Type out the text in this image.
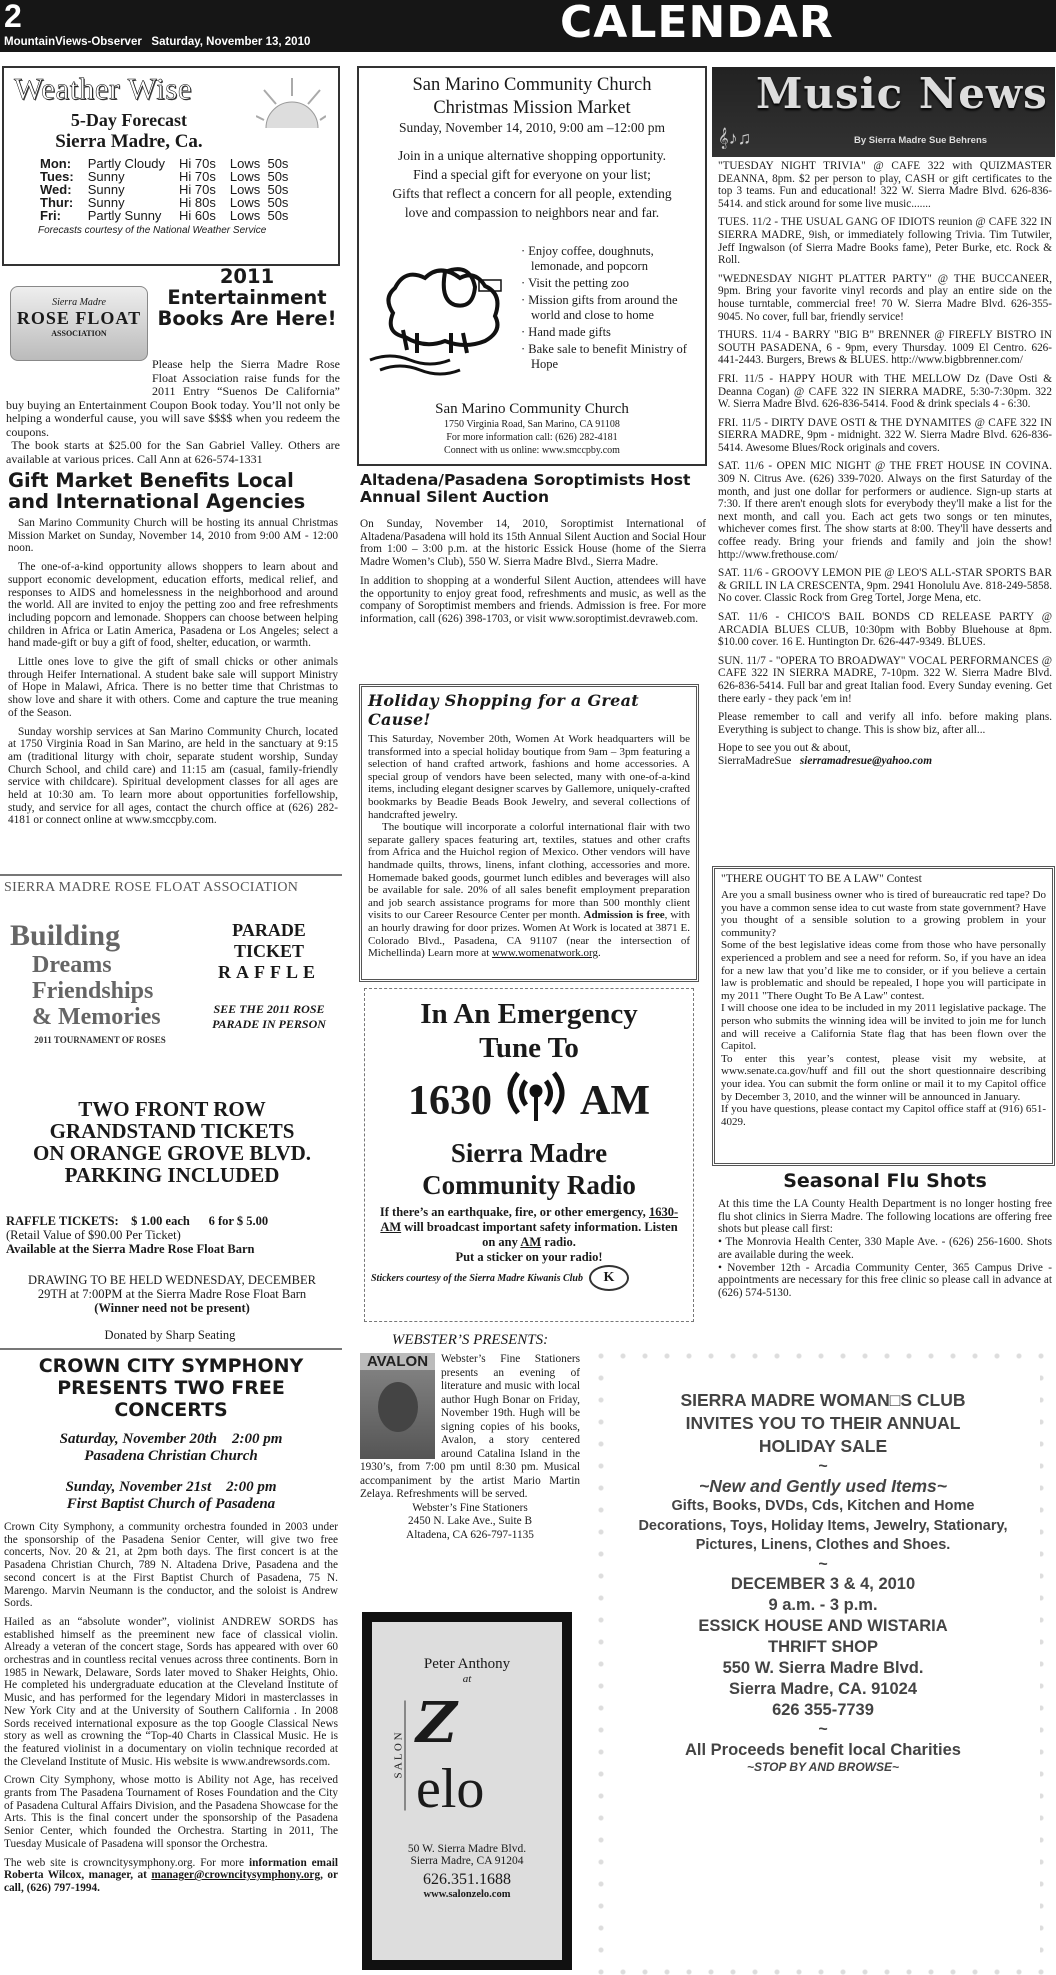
2
MountainViews-Observer Saturday, November 13, 2010	CALENDAR
Weather Wise
5-Day Forecast
Sierra Madre, Ca.
Mon:	Partly Cloudy	Hi 70s	Lows  50s
Tues:	Sunny	Hi 70s	Lows  50s
Wed:	Sunny	Hi 70s	Lows  50s
Thur:	Sunny	Hi 80s	Lows  50s
Fri:	Partly Sunny	Hi 60s	Lows  50s
Forecasts courtesy of the National Weather Service
Sierra Madre
ROSE FLOAT
ASSOCIATION
2011 Entertainment Books Are Here!

Please help the Sierra Madre Rose Float Association raise funds for the 2011 Entry “Suenos De California” buy buying an Entertainment Coupon Book today. You’ll not only be helping a wonderful cause, you will save $$$$ when you redeem the coupons.
The book starts at $25.00 for the San Gabriel Valley. Others are available at various prices. Call Ann at 626-574-1331

Gift Market Benefits Local and International Agencies

San Marino Community Church will be hosting its annual Christmas Mission Market on Sunday, November 14, 2010 from 9:00 AM - 12:00 noon.

The one-of-a-kind opportunity allows shoppers to learn about and support economic development, education efforts, medical relief, and responses to AIDS and homelessness in the neighborhood and around the world. All are invited to enjoy the petting zoo and free refreshments including popcorn and lemonade. Shoppers can choose between helping children in Africa or Latin America, Pasadena or Los Angeles; select a hand made-gift or buy a gift of food, shelter, education, or warmth.

Little ones love to give the gift of small chicks or other animals through Heifer International. A student bake sale will support Ministry of Hope in Malawi, Africa. There is no better time that Christmas to show love and share it with others. Come and capture the true meaning of the Season.

Sunday worship services at San Marino Community Church, located at 1750 Virginia Road in San Marino, are held in the sanctuary at 9:15 am (traditional liturgy with choir, separate student worship, Sunday Church School, and child care) and 11:15 am (casual, family-friendly service with childcare). Spiritual development classes for all ages are held at 10:30 am. To learn more about opportunities forfellowship, study, and service for all ages, contact the church office at (626) 282-4181 or connect online at www.smccpby.com.

SIERRA MADRE ROSE FLOAT ASSOCIATION
Building
Dreams
Friendships
& Memories
2011 TOURNAMENT OF ROSES
PARADE
TICKET
RAFFLE
SEE THE 2011 ROSE PARADE IN PERSON
TWO FRONT ROW
GRANDSTAND TICKETS
ON ORANGE GROVE BLVD.
PARKING INCLUDED
RAFFLE TICKETS: $ 1.00 each 6 for $ 5.00
(Retail Value of $90.00 Per Ticket)
Available at the Sierra Madre Rose Float Barn
DRAWING TO BE HELD WEDNESDAY, DECEMBER 29TH at 7:00PM at the Sierra Madre Rose Float Barn
(Winner need not be present)
Donated by Sharp Seating
CROWN CITY SYMPHONY PRESENTS TWO FREE CONCERTS
Saturday, November 20th    2:00 pm
Pasadena Christian Church
Sunday, November 21st    2:00 pm
First Baptist Church of Pasadena

Crown City Symphony, a community orchestra founded in 2003 under the sponsorship of the Pasadena Senior Center, will give two free concerts, Nov. 20 & 21, at 2pm both days. The first concert is at the Pasadena Christian Church, 789 N. Altadena Drive, Pasadena and the second concert is at the First Baptist Church of Pasadena, 75 N. Marengo. Marvin Neumann is the conductor, and the soloist is Andrew Sords.

Hailed as an “absolute wonder”, violinist ANDREW SORDS has established himself as the preeminent new face of classical violin. Already a veteran of the concert stage, Sords has appeared with over 60 orchestras and in countless recital venues across three continents. Born in 1985 in Newark, Delaware, Sords later moved to Shaker Heights, Ohio. He completed his undergraduate education at the Cleveland Institute of Music, and has performed for the legendary Midori in masterclasses in New York City and at the University of Southern California . In 2008 Sords received international exposure as the top Google Classical News story as well as crowning the “Top-40 Charts in Classical Music. He is the featured violinist in a documentary on violin technique recorded at the Cleveland Institute of Music. His website is www.andrewsords.com.

Crown City Symphony, whose motto is Ability not Age, has received grants from The Pasadena Tournament of Roses Foundation and the City of Pasadena Cultural Affairs Division, and the Pasadena Showcase for the Arts. This is the final concert under the sponsorship of the Pasadena Senior Center, which founded the Orchestra. Starting in 2011, The Tuesday Musicale of Pasadena will sponsor the Orchestra.

The web site is crowncitysymphony.org. For more information email Roberta Wilcox, manager, at manager@crowncitysymphony.org, or call, (626) 797-1994.

San Marino Community Church
Christmas Mission Market
Sunday, November 14, 2010, 9:00 am –12:00 pm
Join in a unique alternative shopping opportunity.
Find a special gift for everyone on your list;
Gifts that reflect a concern for all people, extending
love and compassion to neighbors near and far.
· Enjoy coffee, doughnuts, lemonade, and popcorn
· Visit the petting zoo
· Mission gifts from around the world and close to home
· Hand made gifts
· Bake sale to benefit Ministry of Hope
San Marino Community Church
1750 Virginia Road, San Marino, CA 91108
For more information call: (626) 282-4181
Connect with us online: www.smccpby.com
Altadena/Pasadena Soroptimists Host Annual Silent Auction

On Sunday, November 14, 2010, Soroptimist International of Altadena/Pasadena will hold its 15th Annual Silent Auction and Social Hour from 1:00 – 3:00 p.m. at the historic Essick House (home of the Sierra Madre Women’s Club), 550 W. Sierra Madre Blvd., Sierra Madre.

In addition to shopping at a wonderful Silent Auction, attendees will have the opportunity to enjoy great food, refreshments and music, as well as the company of Soroptimist members and friends. Admission is free. For more information, call (626) 398-1703, or visit www.soroptimist.devraweb.com.

Holiday Shopping for a Great Cause!

This Saturday, November 20th, Women At Work headquarters will be transformed into a special holiday boutique from 9am – 3pm featuring a selection of hand crafted artwork, fashions and home accessories. A special group of vendors have been selected, many with one-of-a-kind items, including elegant designer scarves by Gallemore, uniquely-crafted bookmarks by Beadie Beads Book Jewelry, and several collections of handcrafted jewelry.

The boutique will incorporate a colorful international flair with two separate gallery spaces featuring art, textiles, statues and other crafts from Africa and the Huichol region of Mexico. Other vendors will have handmade quilts, throws, linens, infant clothing, accessories and more. Homemade baked goods, gourmet lunch edibles and beverages will also be available for sale. 20% of all sales benefit employment preparation and job search assistance programs for more than 500 monthly client visits to our Career Resource Center per month. Admission is free, with an hourly drawing for door prizes. Women At Work is located at 3871 E. Colorado Blvd., Pasadena, CA 91107 (near the intersection of Michellinda) Learn more at www.womenatwork.org.

In An Emergency
Tune To
1630 AM
Sierra Madre
Community Radio
If there’s an earthquake, fire, or other emergency, 1630-AM will broadcast important safety information. Listen on any AM radio.
Put a sticker on your radio!
Stickers courtesy of the Sierra Madre Kiwanis Club	K
WEBSTER’S PRESENTS:
AVALON	Webster’s Fine Stationers presents an evening of literature and music with local author Hugh Bonar on Friday, November 19th. Hugh will be signing copies of his books, Avalon, a story centered around Catalina Island in the 1930’s, from 7:00 pm until 8:30 pm. Musical accompaniment by the artist Mario Martin Zelaya. Refreshments will be served.

Webster’s Fine Stationers
2450 N. Lake Ave., Suite B
Altadena, CA 626-797-1135
Peter Anthony
at
S A L O N Z
elo
50 W. Sierra Madre Blvd.
Sierra Madre, CA 91204
626.351.1688
www.salonzelo.com
𝄞♪♫
Music News
By Sierra Madre Sue Behrens

"TUESDAY NIGHT TRIVIA" @ CAFE 322 with QUIZMASTER DEANNA, 8pm. $2 per person to play, CASH or gift certificates to the top 3 teams. Fun and educational! 322 W. Sierra Madre Blvd. 626-836-5414. and stick around for some live music.......

TUES. 11/2 - THE USUAL GANG OF IDIOTS reunion @ CAFE 322 IN SIERRA MADRE, 9ish, or immediately following Trivia. Tim Tutwiler, Jeff Ingwalson (of Sierra Madre Books fame), Peter Burke, etc. Rock & Roll.

"WEDNESDAY NIGHT PLATTER PARTY" @ THE BUCCANEER, 9pm. Bring your favorite vinyl records and play an entire side on the house turntable, commercial free! 70 W. Sierra Madre Blvd. 626-355-9045. No cover, full bar, friendly service!

THURS. 11/4 - BARRY "BIG B" BRENNER @ FIREFLY BISTRO IN SOUTH PASADENA, 6 - 9pm, every Thursday. 1009 El Centro. 626-441-2443. Burgers, Brews & BLUES. http://www.bigbbrenner.com/

FRI. 11/5 - HAPPY HOUR with THE MELLOW Dz (Dave Osti & Deanna Cogan) @ CAFE 322 IN SIERRA MADRE, 5:30-7:30pm. 322 W. Sierra Madre Blvd. 626-836-5414. Food & drink specials 4 - 6:30.

FRI. 11/5 - DIRTY DAVE OSTI & THE DYNAMITES @ CAFE 322 IN SIERRA MADRE, 9pm - midnight. 322 W. Sierra Madre Blvd. 626-836-5414. Awesome Blues/Rock originals and covers.

SAT. 11/6 - OPEN MIC NIGHT @ THE FRET HOUSE IN COVINA. 309 N. Citrus Ave. (626) 339-7020. Always on the first Saturday of the month, and just one dollar for performers or audience. Sign-up starts at 7:30. If there aren't enough slots for everybody they'll make a list for the next month, and call you. Each act gets two songs or ten minutes, whichever comes first. The show starts at 8:00. They'll have desserts and coffee ready. Bring your friends and family and join the show! http://www.frethouse.com/

SAT. 11/6 - GROOVY LEMON PIE @ LEO'S ALL-STAR SPORTS BAR & GRILL IN LA CRESCENTA, 9pm. 2941 Honolulu Ave. 818-249-5858. No cover. Classic Rock from Greg Tortel, Jorge Mena, etc.

SAT. 11/6 - CHICO'S BAIL BONDS CD RELEASE PARTY @ ARCADIA BLUES CLUB, 10:30pm with Bobby Bluehouse at 8pm. $10.00 cover. 16 E. Huntington Dr. 626-447-9349. BLUES.

SUN. 11/7 - "OPERA TO BROADWAY" VOCAL PERFORMANCES @ CAFE 322 IN SIERRA MADRE, 7-10pm. 322 W. Sierra Madre Blvd. 626-836-5414. Full bar and great Italian food. Every Sunday evening. Get there early - they pack 'em in!

Please remember to call and verify all info. before making plans. Everything is subject to change. This is show biz, after all...

Hope to see you out & about,
SierraMadreSue sierramadresue@yahoo.com

"THERE OUGHT TO BE A LAW" Contest

Are you a small business owner who is tired of bureaucratic red tape? Do you have a common sense idea to cut waste from state government? Have you thought of a sensible solution to a growing problem in your community?

Some of the best legislative ideas come from those who have personally experienced a problem and see a need for reform. So, if you have an idea for a new law that you’d like me to consider, or if you believe a certain law is problematic and should be repealed, I hope you will participate in my 2011 "There Ought To Be A Law" contest.

I will choose one idea to be included in my 2011 legislative package. The person who submits the winning idea will be invited to join me for lunch and will receive a California State flag that has been flown over the Capitol.

To enter this year’s contest, please visit my website, at www.senate.ca.gov/huff and fill out the short questionnaire describing your idea. You can submit the form online or mail it to my Capitol office by December 3, 2010, and the winner will be announced in January.

If you have questions, please contact my Capitol office staff at (916) 651-4029.

Seasonal Flu Shots

At this time the LA County Health Department is no longer hosting free flu shot clinics in Sierra Madre. The following locations are offering free shots but please call first:

• The Monrovia Health Center, 330 Maple Ave. - (626) 256-1600. Shots are available during the week.

• November 12th - Arcadia Community Center, 365 Campus Drive - appointments are necessary for this free clinic so please call in advance at (626) 574-5130.

SIERRA MADRE WOMAN□S CLUB
INVITES YOU TO THEIR ANNUAL
HOLIDAY SALE
~
~New and Gently used Items~
Gifts, Books, DVDs, Cds, Kitchen and Home Decorations, Toys, Holiday Items, Jewelry, Stationary, Pictures, Linens, Clothes and Shoes.
~
DECEMBER 3 & 4, 2010
9 a.m. - 3 p.m.
ESSICK HOUSE AND WISTARIA
THRIFT SHOP
550 W. Sierra Madre Blvd.
Sierra Madre, CA. 91024
626 355-7739
~
All Proceeds benefit local Charities
~STOP BY AND BROWSE~
